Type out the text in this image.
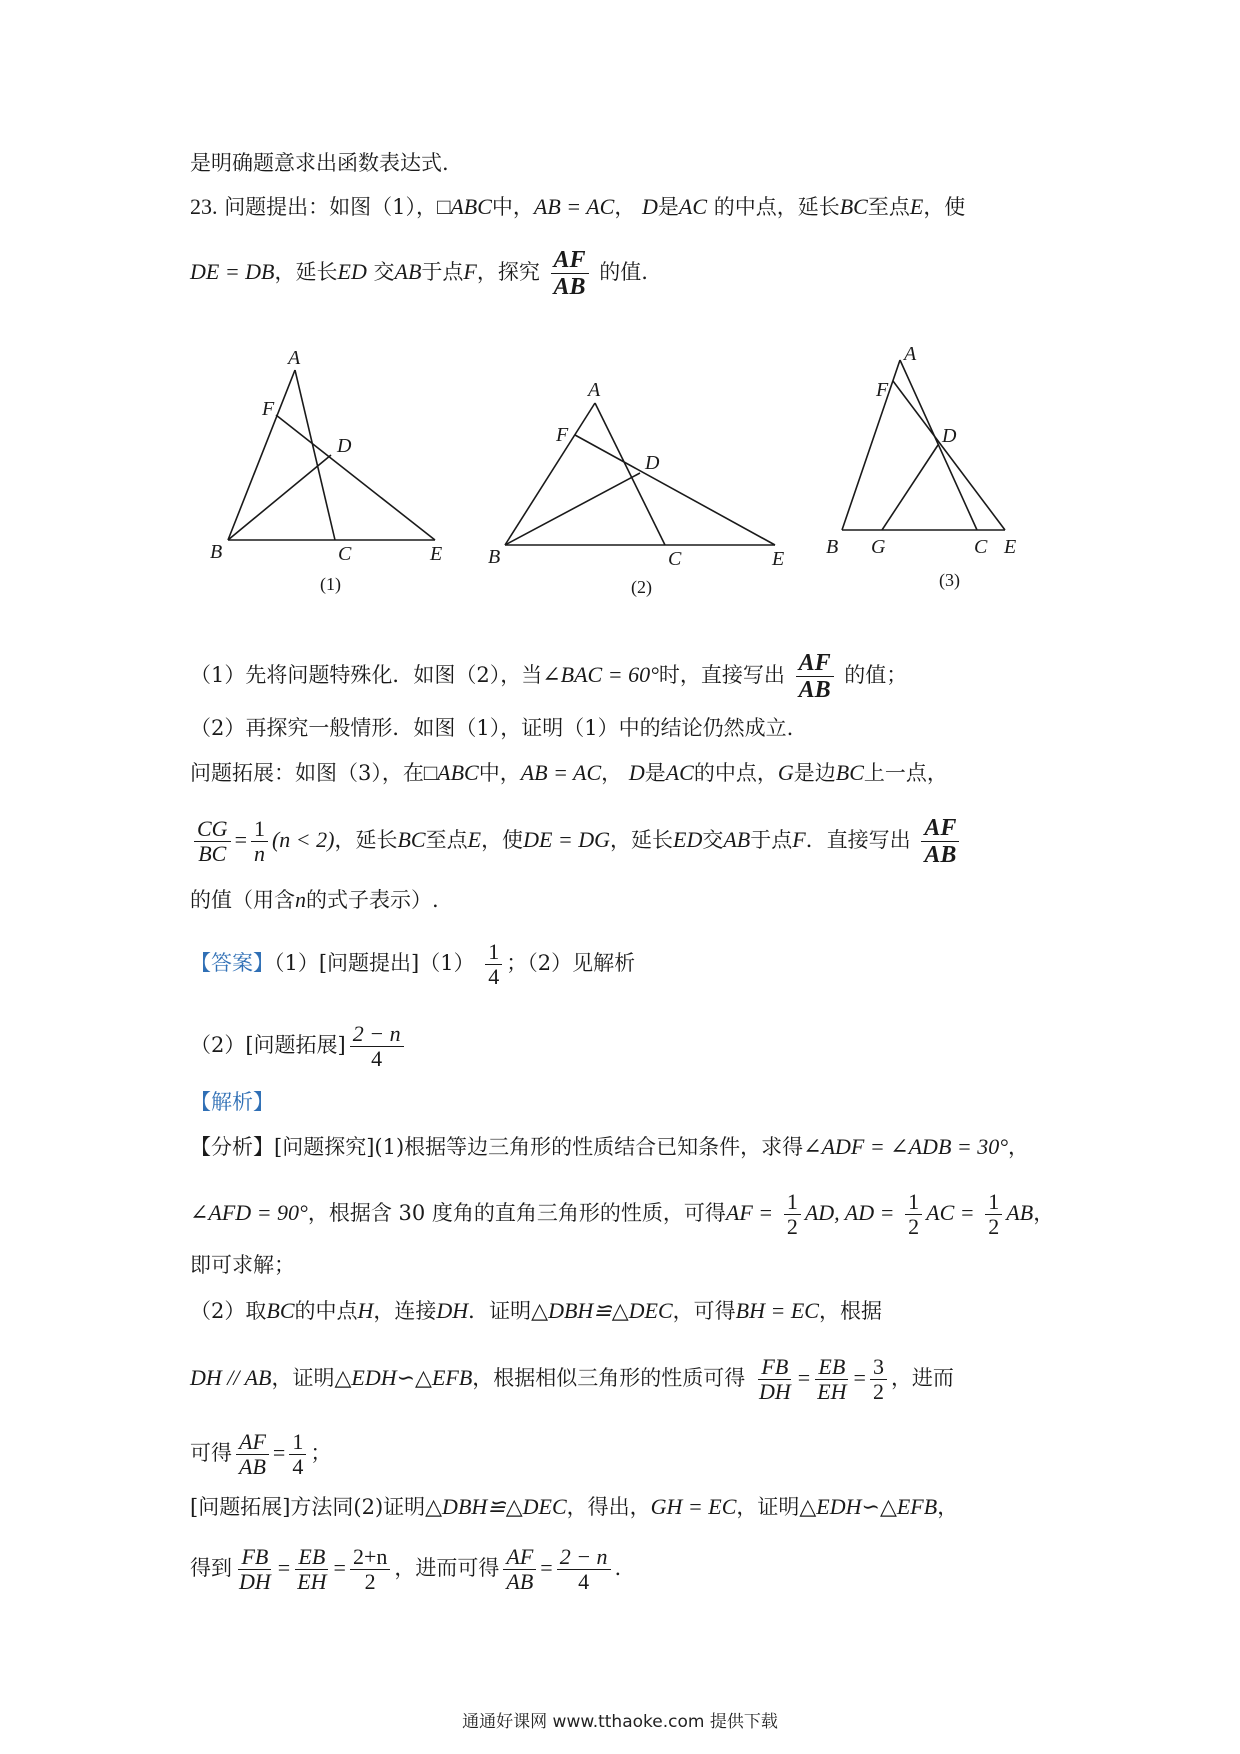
是明确题意求出函数表达式.
23. 问题提出：如图（1），□ABC中，AB = AC， D是AC 的中点，延长BC至点E，使
DE = DB，延长ED 交AB于点F，探究 $\frac{AF}{AB}$ 的值.
A
F
D
B	C	E
(1)
A
F
D
B	C	E
(2)
A
F
D
B G	C E
(3)
（1）先将问题特殊化．如图（2），当∠BAC = 60°时，直接写出 $\frac{AF}{AB}$ 的值；
（2）再探究一般情形．如图（1），证明（1）中的结论仍然成立.
问题拓展：如图（3），在□ABC中，AB = AC， D是AC的中点，G是边BC上一点，
$\frac{CG}{BC} = \frac{1}{n} (n < 2)$，延长BC至点E，使DE = DG，延长ED交AB于点F．直接写出 $\frac{AF}{AB}$
的值（用含n的式子表示）.
【答案】（1）[问题提出]$(1) \frac{1}{4}$ ；（2）见解析
（2）[问题拓展] $\frac{2 - n}{4}$
【解析】
【分析】[问题探究](1)根据等边三角形的性质结合已知条件，求得∠ADF = ∠ADB = 30°，
∠AFD = 90°，根据含 30 度角的直角三角形的性质，可得AF = $\frac{1}{2}$ AD, AD = $\frac{1}{2}$ AC = $\frac{1}{2}$ AB，
即可求解；
（2）取BC的中点H，连接DH．证明△DBH≌△DEC，可得BH = EC，根据
DH // AB，证明△EDH∽△EFB，根据相似三角形的性质可得 $\frac{FB}{DH} = \frac{EB}{EH} = \frac{3}{2}$ ，进而
可得 $\frac{AF}{AB} = \frac{1}{4}$ ；
[问题拓展]方法同(2)证明△DBH≌△DEC，得出，GH = EC，证明△EDH∽△EFB，
得到 $\frac{FB}{DH} = \frac{EB}{EH} = \frac{2+n}{2}$ ，进而可得 $\frac{AF}{AB} = \frac{2 - n}{4}$ .
通通好课网 www.tthaoke.com 提供下载
